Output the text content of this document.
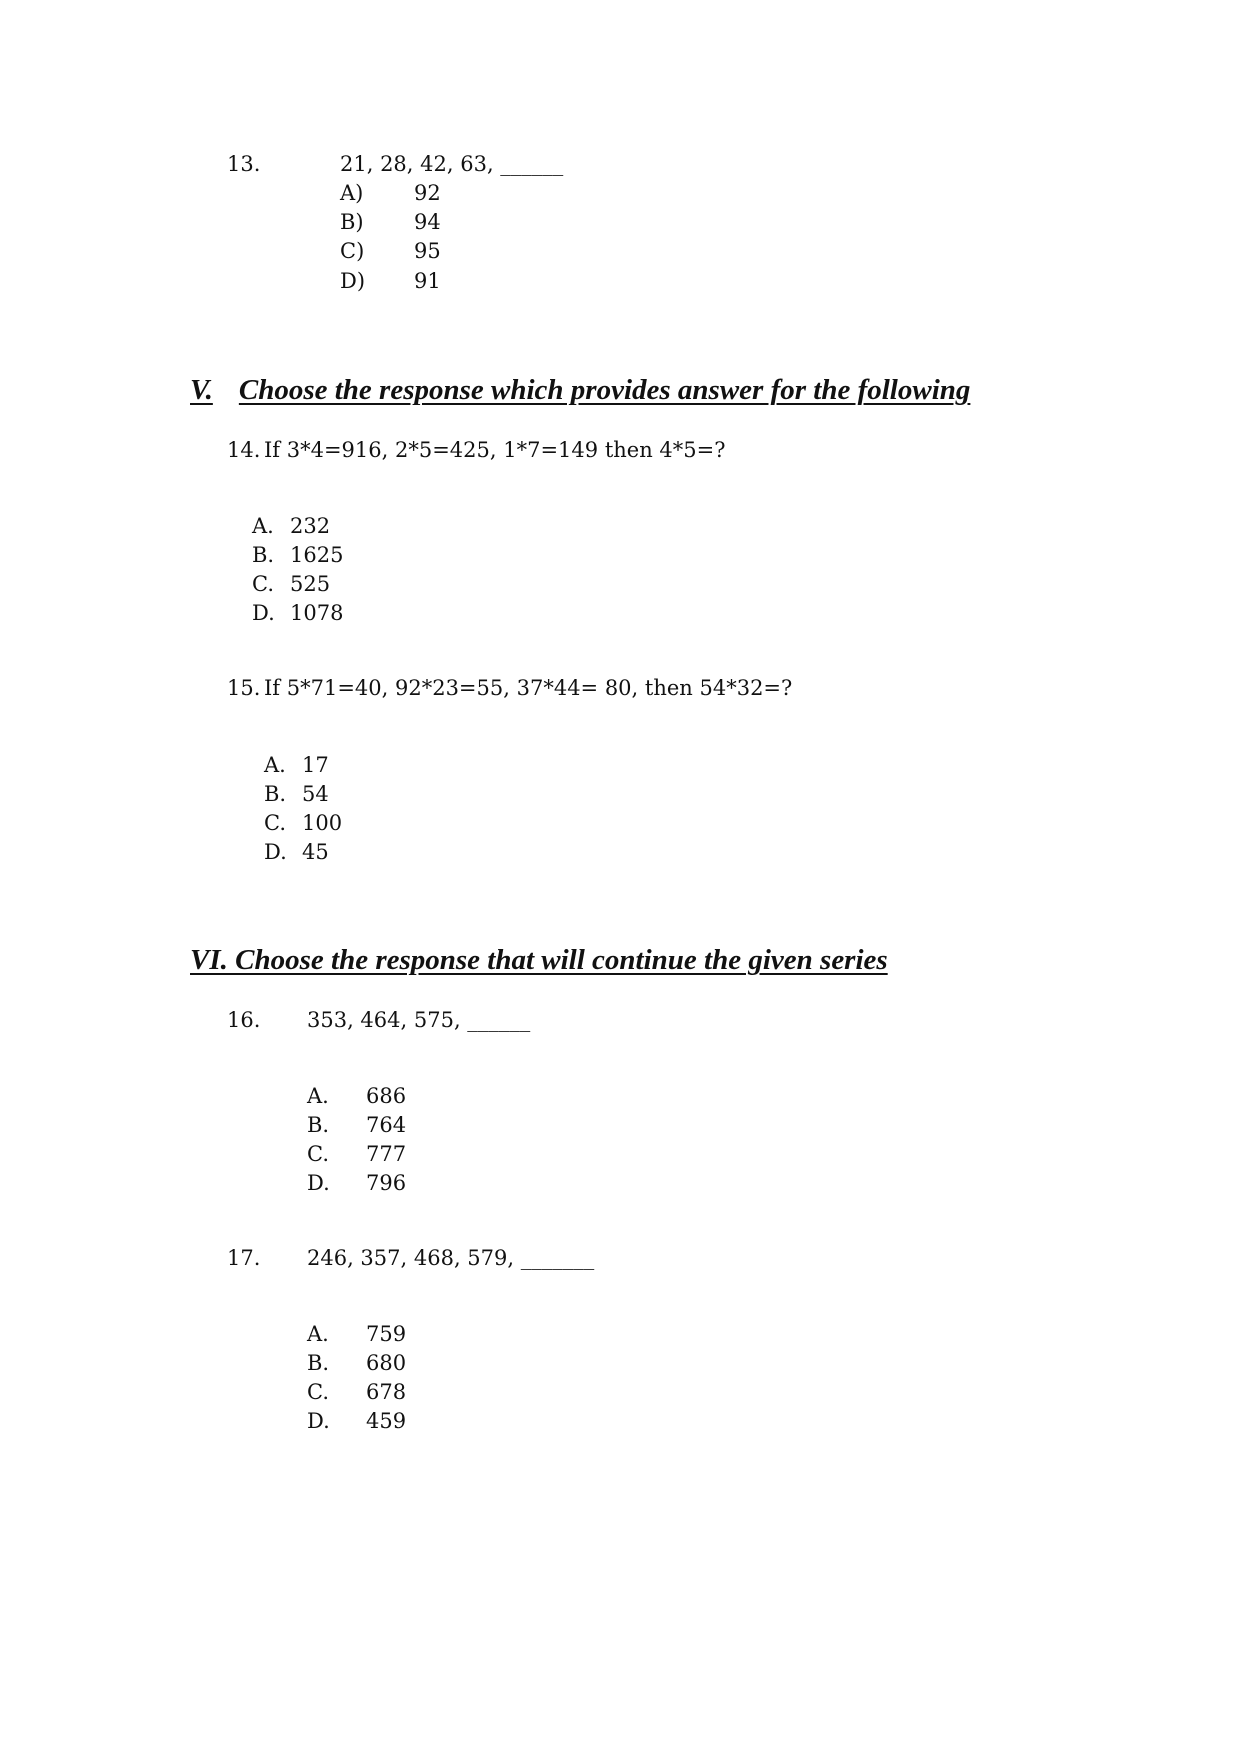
13.	21, 28, 42, 63, ______
A) 92
B) 94
C) 95
D) 91
V. Choose the response which provides answer for the following
14. If 3*4=916, 2*5=425, 1*7=149 then 4*5=?
A. 232
B. 1625
C. 525
D. 1078
15. If 5*71=40, 92*23=55, 37*44= 80, then 54*32=?
A. 17
B. 54
C. 100
D. 45
VI. Choose the response that will continue the given series
16. 353, 464, 575, ______
A. 686
B. 764
C. 777
D. 796
17. 246, 357, 468, 579, _______
A. 759
B. 680
C. 678
D. 459
